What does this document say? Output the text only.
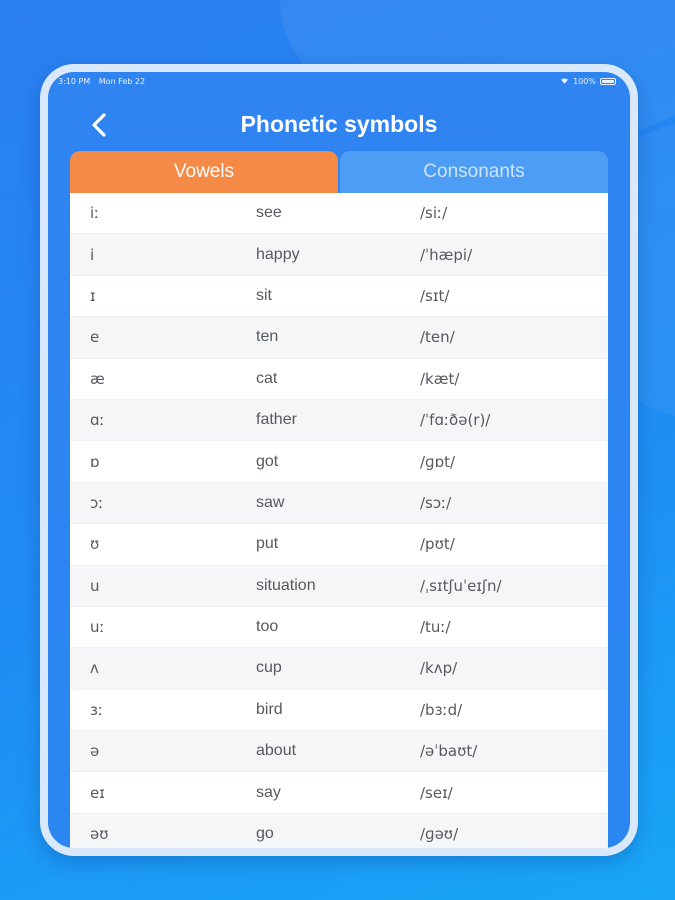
3:10 PM Mon Feb 22	100%
Phonetic symbols
Vowels	Consonants
iː	see	/siː/
i	happy	/ˈhæpi/
ɪ	sit	/sɪt/
e	ten	/ten/
æ	cat	/kæt/
ɑː	father	/ˈfɑːðə(r)/
ɒ	got	/ɡɒt/
ɔː	saw	/sɔː/
ʊ	put	/pʊt/
u	situation	/ˌsɪtʃuˈeɪʃn/
uː	too	/tuː/
ʌ	cup	/kʌp/
ɜː	bird	/bɜːd/
ə	about	/əˈbaʊt/
eɪ	say	/seɪ/
əʊ	go	/ɡəʊ/
